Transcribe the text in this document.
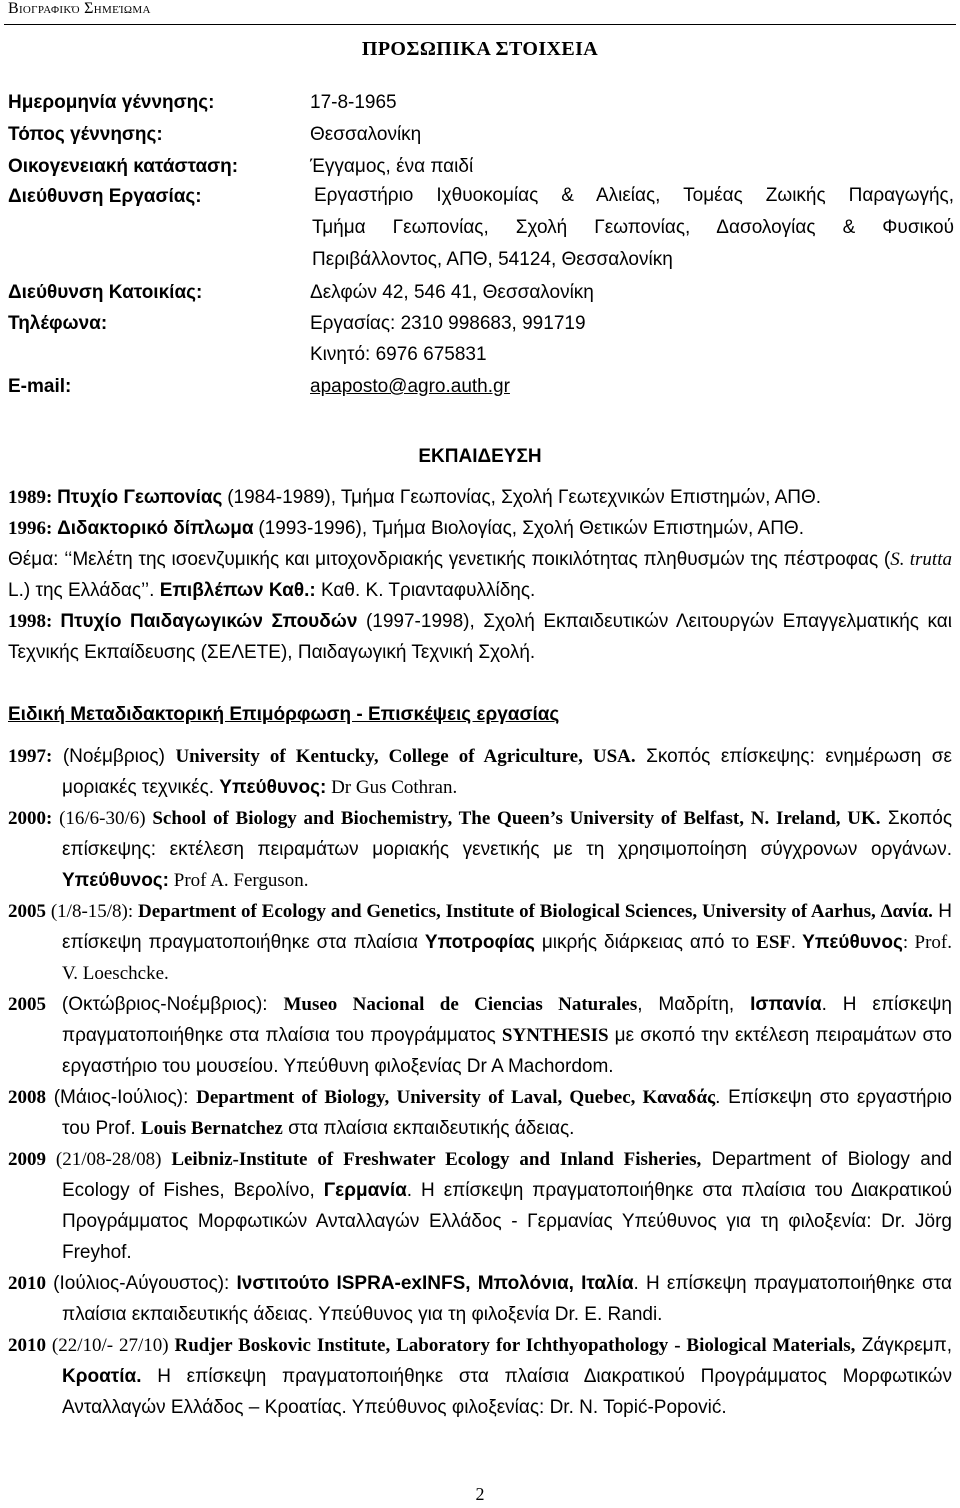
Βιογραφικό Σημείωμα
ΠΡΟΣΩΠΙΚΑ ΣΤΟΙΧΕΙΑ
Ημερομηνία γέννησης:	17-8-1965
Τόπος γέννησης:	Θεσσαλονίκη
Οικογενειακή κατάσταση:	Έγγαμος, ένα παιδί
Διεύθυνση Εργασίας:	Εργαστήριο Ιχθυοκομίας & Αλιείας, Τομέας Ζωικής Παραγωγής,
Τμήμα Γεωπονίας, Σχολή Γεωπονίας, Δασολογίας & Φυσικού
Περιβάλλοντος, ΑΠΘ, 54124, Θεσσαλονίκη
Διεύθυνση Κατοικίας:	Δελφών 42, 546 41, Θεσσαλονίκη
Τηλέφωνα:	Εργασίας: 2310 998683, 991719
Κινητό: 6976 675831
E-mail:	apaposto@agro.auth.gr
ΕΚΠΑΙΔΕΥΣΗ
1989: Πτυχίο Γεωπονίας (1984-1989), Τμήμα Γεωπονίας, Σχολή Γεωτεχνικών Επιστημών, ΑΠΘ.
1996: Διδακτορικό δίπλωμα (1993-1996), Τμήμα Βιολογίας, Σχολή Θετικών Επιστημών, ΑΠΘ.
Θέμα: ‘‘Μελέτη της ισοενζυμικής και μιτοχονδριακής γενετικής ποικιλότητας πληθυσμών της πέστροφας (S. trutta L.) της Ελλάδας’’. Επιβλέπων Καθ.: Καθ. Κ. Τριανταφυλλίδης.
1998: Πτυχίο Παιδαγωγικών Σπουδών (1997-1998), Σχολή Εκπαιδευτικών Λειτουργών Επαγγελματικής και Τεχνικής Εκπαίδευσης (ΣΕΛΕΤΕ), Παιδαγωγική Τεχνική Σχολή.
Ειδική Μεταδιδακτορική Επιμόρφωση - Επισκέψεις εργασίας
1997: (Νοέμβριος) University of Kentucky, College of Agriculture, USA. Σκοπός επίσκεψης: ενημέρωση σε μοριακές τεχνικές. Υπεύθυνος: Dr Gus Cothran.
2000: (16/6-30/6) School of Biology and Biochemistry, The Queen’s University of Belfast, N. Ireland, UK. Σκοπός επίσκεψης: εκτέλεση πειραμάτων μοριακής γενετικής με τη χρησιμοποίηση σύγχρονων οργάνων. Υπεύθυνος: Prof A. Ferguson.
2005 (1/8-15/8): Department of Ecology and Genetics, Institute of Biological Sciences, University of Aarhus, Δανία. Η επίσκεψη πραγματοποιήθηκε στα πλαίσια Υποτροφίας μικρής διάρκειας από το ESF. Υπεύθυνος: Prof. V. Loeschcke.
2005 (Οκτώβριος-Νοέμβριος): Museo Nacional de Ciencias Naturales, Μαδρίτη, Ισπανία. Η επίσκεψη πραγματοποιήθηκε στα πλαίσια του προγράμματος SYNTHESIS με σκοπό την εκτέλεση πειραμάτων στο εργαστήριο του μουσείου. Υπεύθυνη φιλοξενίας Dr A Machordom.
2008 (Μάιος-Ιούλιος): Department of Biology, University of Laval, Quebec, Καναδάς. Επίσκεψη στο εργαστήριο του Prof. Louis Bernatchez στα πλαίσια εκπαιδευτικής άδειας.
2009 (21/08-28/08) Leibniz-Institute of Freshwater Ecology and Inland Fisheries, Department of Biology and Ecology of Fishes, Βερολίνο, Γερμανία. Η επίσκεψη πραγματοποιήθηκε στα πλαίσια του Διακρατικού Προγράμματος Μορφωτικών Ανταλλαγών Ελλάδος - Γερμανίας Υπεύθυνος για τη φιλοξενία: Dr. Jörg Freyhof.
2010 (Ιούλιος-Αύγουστος): Ινστιτούτο ISPRA-exINFS, Μπολόνια, Ιταλία. Η επίσκεψη πραγματοποιήθηκε στα πλαίσια εκπαιδευτικής άδειας. Υπεύθυνος για τη φιλοξενία Dr. E. Randi.
2010 (22/10/- 27/10) Rudjer Boskovic Institute, Laboratory for Ichthyopathology - Biological Materials, Ζάγκρεμπ, Κροατία. Η επίσκεψη πραγματοποιήθηκε στα πλαίσια Διακρατικού Προγράμματος Μορφωτικών Ανταλλαγών Ελλάδος – Κροατίας. Υπεύθυνος φιλοξενίας: Dr. N. Topić-Popović.
2
